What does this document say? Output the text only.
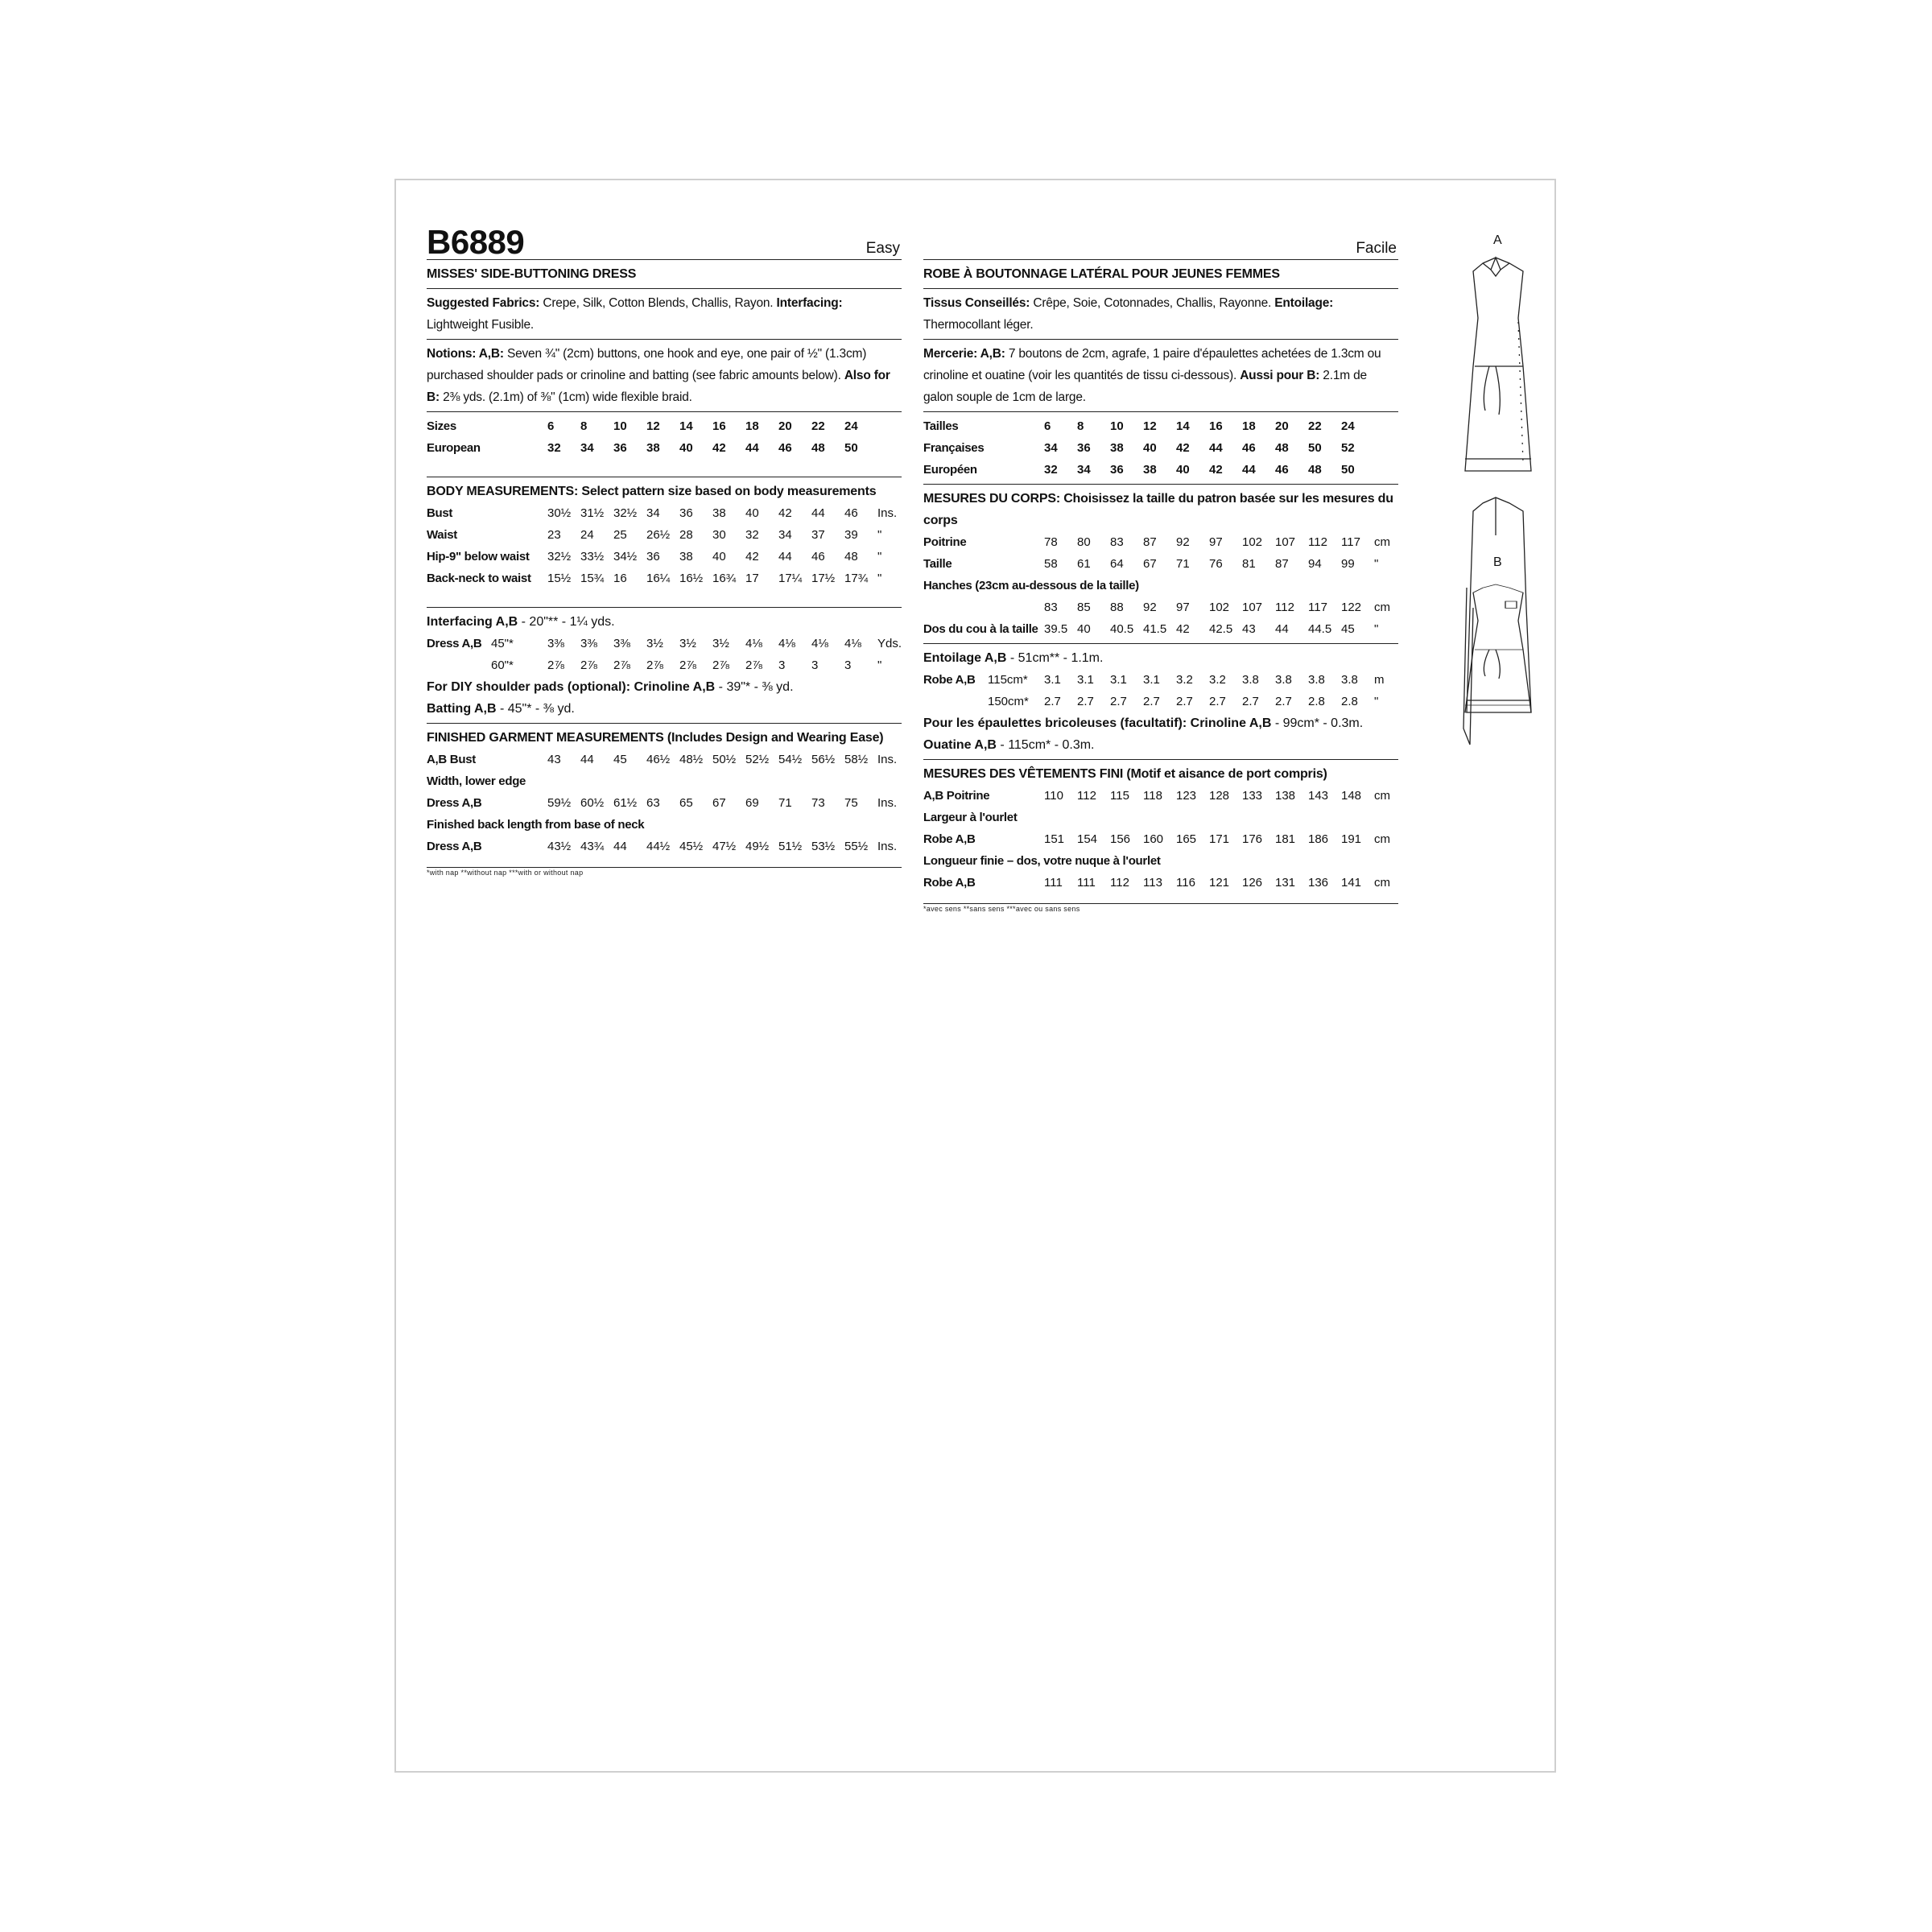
B6889	Easy
MISSES' SIDE-BUTTONING DRESS
Suggested Fabrics: Crepe, Silk, Cotton Blends, Challis, Rayon. Interfacing: Lightweight Fusible.
Notions: A,B: Seven ¾" (2cm) buttons, one hook and eye, one pair of ½" (1.3cm) purchased shoulder pads or crinoline and batting (see fabric amounts below). Also for B: 2⅜ yds. (2.1m) of ⅜" (1cm) wide flexible braid.
Sizes	6	8	10	12	14	16	18	20	22	24	
European	32	34	36	38	40	42	44	46	48	50	
BODY MEASUREMENTS: Select pattern size based on body measurements
Bust	30½	31½	32½	34	36	38	40	42	44	46	Ins.
Waist	23	24	25	26½	28	30	32	34	37	39	"
Hip-9" below waist	32½	33½	34½	36	38	40	42	44	46	48	"
Back-neck to waist	15½	15¾	16	16¼	16½	16¾	17	17¼	17½	17¾	"
Interfacing A,B - 20"** - 1¼ yds.
Dress A,B	45"*	3⅜	3⅜	3⅜	3½	3½	3½	4⅛	4⅛	4⅛	4⅛	Yds.
	60"*	2⅞	2⅞	2⅞	2⅞	2⅞	2⅞	2⅞	3	3	3	"
For DIY shoulder pads (optional): Crinoline A,B - 39"* - ⅜ yd.
Batting A,B - 45"* - ⅜ yd.
FINISHED GARMENT MEASUREMENTS (Includes Design and Wearing Ease)
A,B Bust	43	44	45	46½	48½	50½	52½	54½	56½	58½	Ins.
Width, lower edge											
Dress A,B	59½	60½	61½	63	65	67	69	71	73	75	Ins.
Finished back length from base of neck											
Dress A,B	43½	43¾	44	44½	45½	47½	49½	51½	53½	55½	Ins.
*with nap **without nap ***with or without nap
Facile
ROBE À BOUTONNAGE LATÉRAL POUR JEUNES FEMMES
Tissus Conseillés: Crêpe, Soie, Cotonnades, Challis, Rayonne. Entoilage: Thermocollant léger.
Mercerie: A,B: 7 boutons de 2cm, agrafe, 1 paire d'épaulettes achetées de 1.3cm ou crinoline et ouatine (voir les quantités de tissu ci-dessous). Aussi pour B: 2.1m de galon souple de 1cm de large.
Tailles	6	8	10	12	14	16	18	20	22	24	
Françaises	34	36	38	40	42	44	46	48	50	52	
Européen	32	34	36	38	40	42	44	46	48	50	
MESURES DU CORPS: Choisissez la taille du patron basée sur les mesures du corps
Poitrine	78	80	83	87	92	97	102	107	112	117	cm
Taille	58	61	64	67	71	76	81	87	94	99	"
Hanches (23cm au-dessous de la taille)											
	83	85	88	92	97	102	107	112	117	122	cm
Dos du cou à la taille	39.5	40	40.5	41.5	42	42.5	43	44	44.5	45	"
Entoilage A,B - 51cm** - 1.1m.
Robe A,B	115cm*	3.1	3.1	3.1	3.1	3.2	3.2	3.8	3.8	3.8	3.8	m
	150cm*	2.7	2.7	2.7	2.7	2.7	2.7	2.7	2.7	2.8	2.8	"
Pour les épaulettes bricoleuses (facultatif): Crinoline A,B - 99cm* - 0.3m.
Ouatine A,B - 115cm* - 0.3m.
MESURES DES VÊTEMENTS FINI (Motif et aisance de port compris)
A,B Poitrine	110	112	115	118	123	128	133	138	143	148	cm
Largeur à l'ourlet											
Robe A,B	151	154	156	160	165	171	176	181	186	191	cm
Longueur finie – dos, votre nuque à l'ourlet											
Robe A,B	111	111	112	113	116	121	126	131	136	141	cm
*avec sens **sans sens ***avec ou sans sens
A
B
